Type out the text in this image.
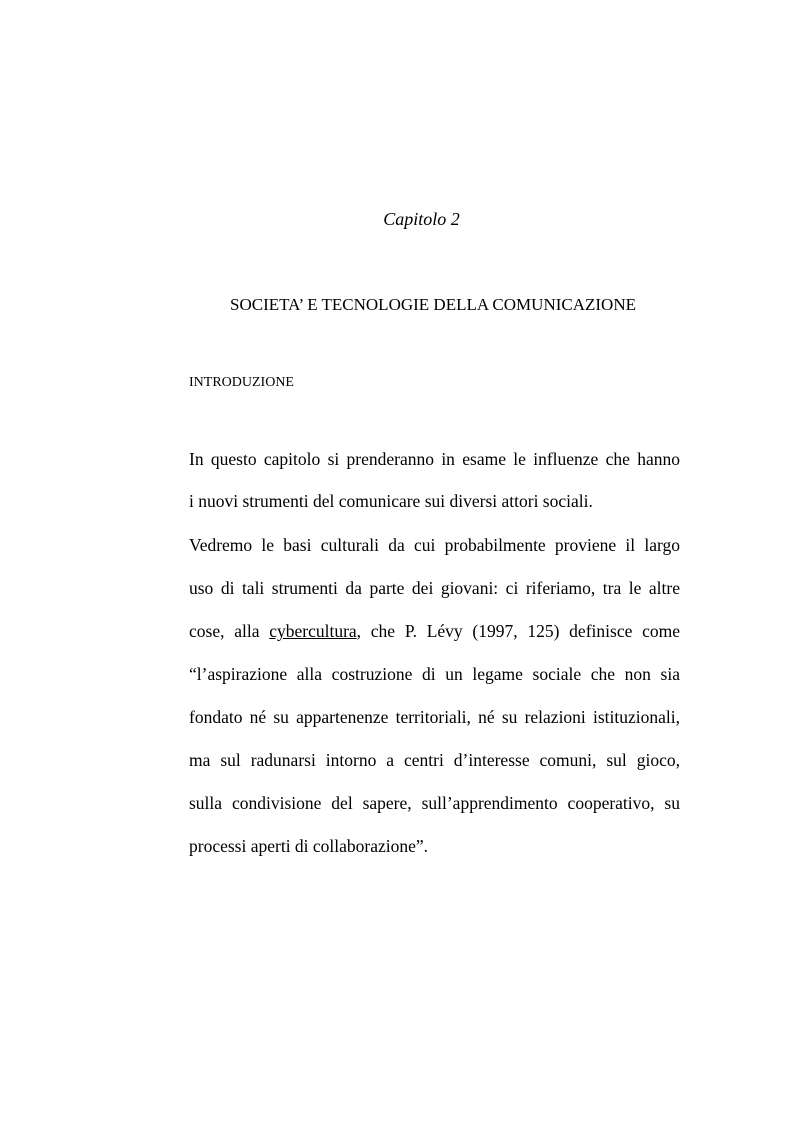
Capitolo 2
SOCIETA’ E TECNOLOGIE DELLA COMUNICAZIONE
INTRODUZIONE
In questo capitolo si prenderanno in esame le influenze che hanno
i nuovi strumenti del comunicare sui diversi attori sociali.
Vedremo le basi culturali da cui probabilmente proviene il largo
uso di tali strumenti da parte dei giovani: ci riferiamo, tra le altre
cose, alla cybercultura, che P. Lévy (1997, 125) definisce come
“l’aspirazione alla costruzione di un legame sociale che non sia
fondato né su appartenenze territoriali, né su relazioni istituzionali,
ma sul radunarsi intorno a centri d’interesse comuni, sul gioco,
sulla condivisione del sapere, sull’apprendimento cooperativo, su
processi aperti di collaborazione”.
